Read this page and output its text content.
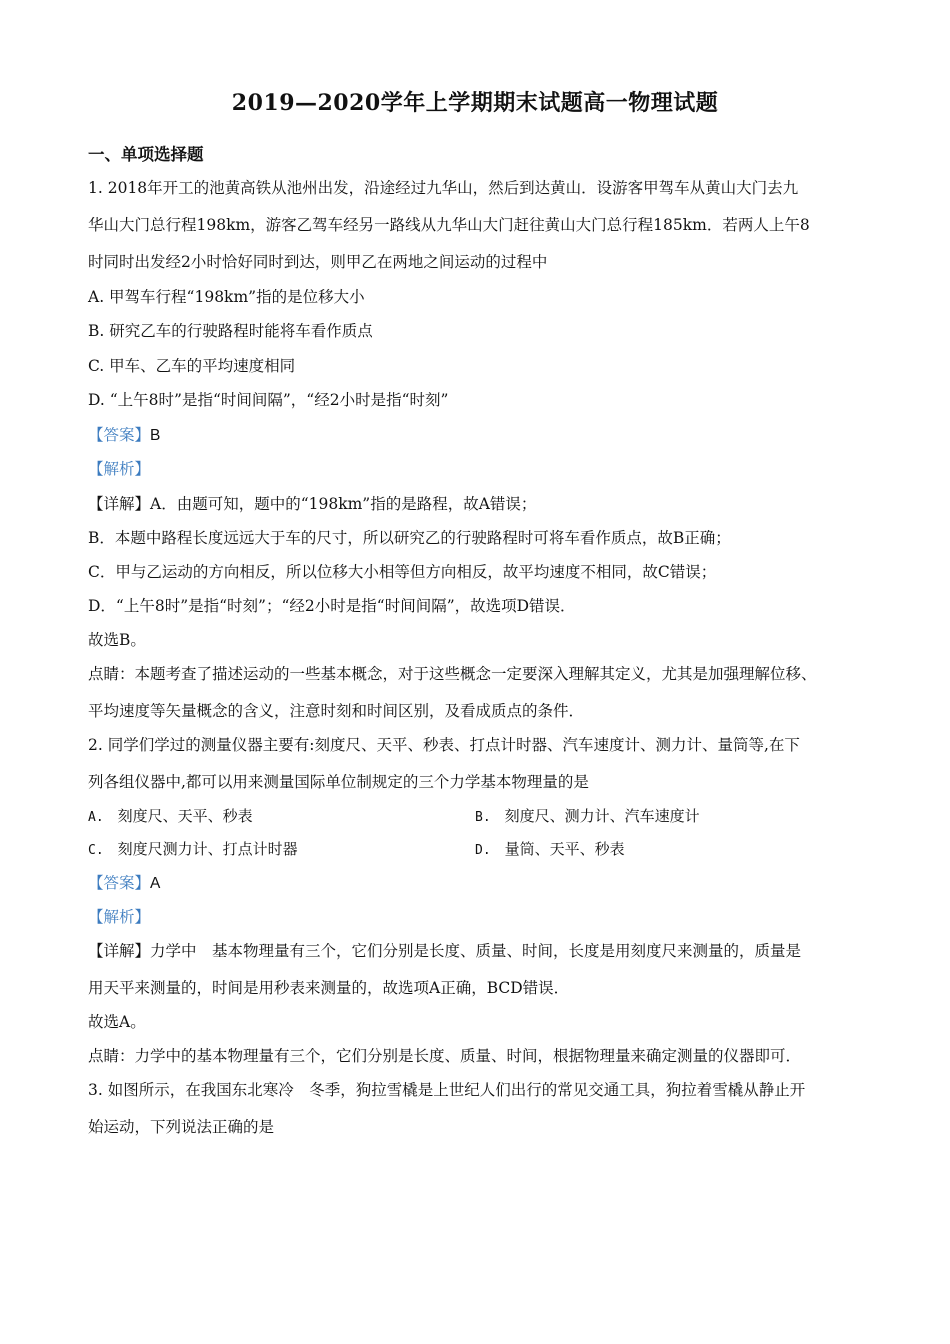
2019—2020学年上学期期末试题高一物理试题
一、单项选择题
1. 2018年开工的池黄高铁从池州出发，沿途经过九华山，然后到达黄山．设游客甲驾车从黄山大门去九
华山大门总行程198km，游客乙驾车经另一路线从九华山大门赶往黄山大门总行程185km．若两人上午8
时同时出发经2小时恰好同时到达，则甲乙在两地之间运动的过程中
A. 甲驾车行程“198km”指的是位移大小
B. 研究乙车的行驶路程时能将车看作质点
C. 甲车、乙车的平均速度相同
D. “上午8时”是指“时间间隔”，“经2小时是指“时刻”
【答案】B
【解析】
【详解】A．由题可知，题中的“198km”指的是路程，故A错误；
B．本题中路程长度远远大于车的尺寸，所以研究乙的行驶路程时可将车看作质点，故B正确；
C．甲与乙运动的方向相反，所以位移大小相等但方向相反，故平均速度不相同，故C错误；
D．“上午8时”是指“时刻”；“经2小时是指“时间间隔”，故选项D错误．
故选B。
点睛：本题考查了描述运动的一些基本概念，对于这些概念一定要深入理解其定义，尤其是加强理解位移、
平均速度等矢量概念的含义，注意时刻和时间区别，及看成质点的条件．
2. 同学们学过的测量仪器主要有:刻度尺、天平、秒表、打点计时器、汽车速度计、测力计、量筒等,在下
列各组仪器中,都可以用来测量国际单位制规定的三个力学基本物理量的是
A. 刻度尺、天平、秒表	B. 刻度尺、测力计、汽车速度计
C. 刻度尺测力计、打点计时器	D. 量筒、天平、秒表
【答案】A
【解析】
【详解】力学中　基本物理量有三个，它们分别是长度、质量、时间，长度是用刻度尺来测量的，质量是
用天平来测量的，时间是用秒表来测量的，故选项A正确，BCD错误．
故选A。
点睛：力学中的基本物理量有三个，它们分别是长度、质量、时间，根据物理量来确定测量的仪器即可．
3. 如图所示，在我国东北寒冷　冬季，狗拉雪橇是上世纪人们出行的常见交通工具，狗拉着雪橇从静止开
始运动，下列说法正确的是
